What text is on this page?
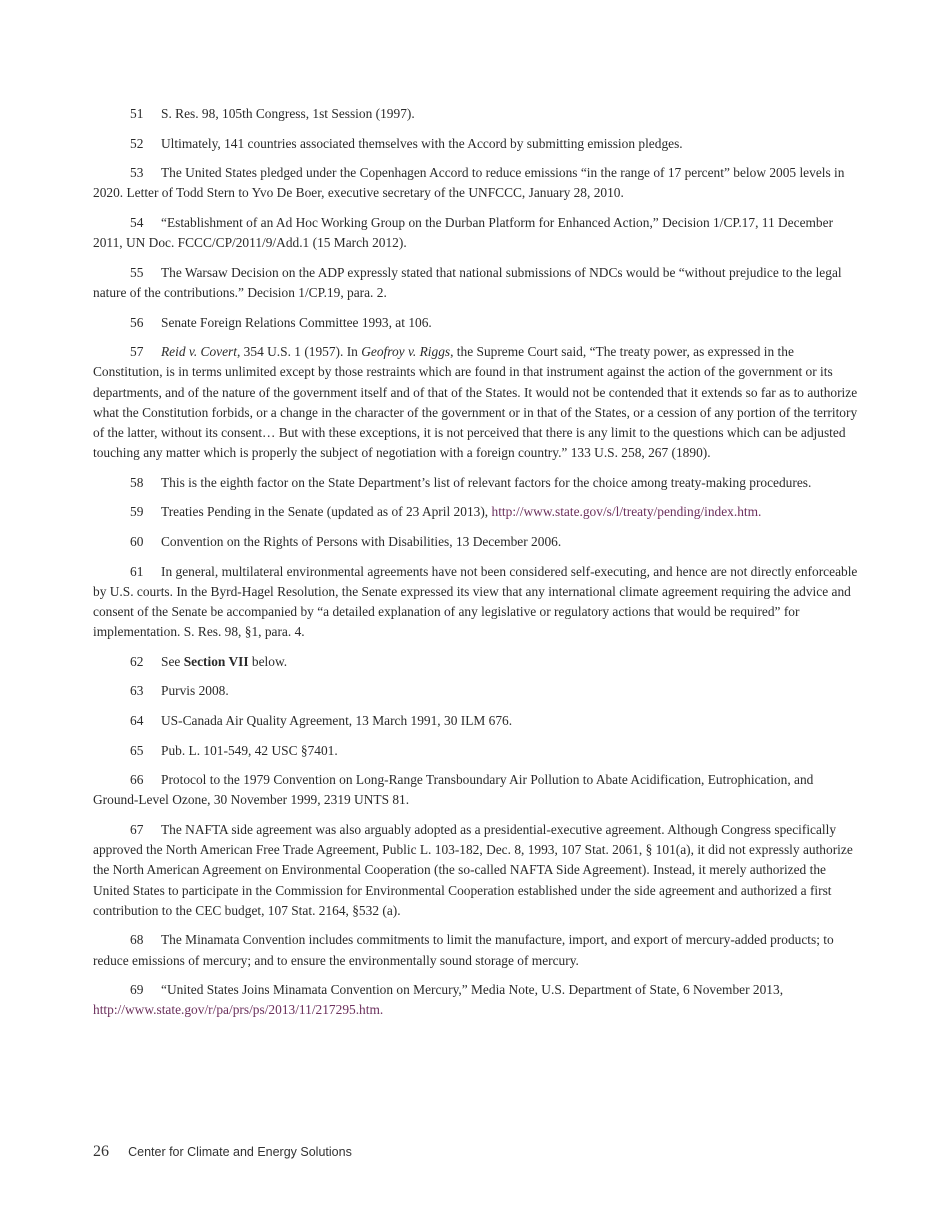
51 S. Res. 98, 105th Congress, 1st Session (1997).

52 Ultimately, 141 countries associated themselves with the Accord by submitting emission pledges.

53 The United States pledged under the Copenhagen Accord to reduce emissions “in the range of 17 percent” below 2005 levels in 2020. Letter of Todd Stern to Yvo De Boer, executive secretary of the UNFCCC, January 28, 2010.

54 “Establishment of an Ad Hoc Working Group on the Durban Platform for Enhanced Action,” Decision 1/CP.17, 11 December 2011, UN Doc. FCCC/CP/2011/9/Add.1 (15 March 2012).

55 The Warsaw Decision on the ADP expressly stated that national submissions of NDCs would be “without prejudice to the legal nature of the contributions.” Decision 1/CP.19, para. 2.

56 Senate Foreign Relations Committee 1993, at 106.

57 Reid v. Covert, 354 U.S. 1 (1957). In Geofroy v. Riggs, the Supreme Court said, “The treaty power, as expressed in the Constitution, is in terms unlimited except by those restraints which are found in that instrument against the action of the government or its departments, and of the nature of the government itself and of that of the States. It would not be contended that it extends so far as to authorize what the Constitution forbids, or a change in the character of the government or in that of the States, or a cession of any portion of the territory of the latter, without its consent… But with these exceptions, it is not perceived that there is any limit to the questions which can be adjusted touching any matter which is properly the subject of negotiation with a foreign country.” 133 U.S. 258, 267 (1890).

58 This is the eighth factor on the State Department’s list of relevant factors for the choice among treaty-making procedures.

59 Treaties Pending in the Senate (updated as of 23 April 2013), http://www.state.gov/s/l/treaty/pending/index.htm.

60 Convention on the Rights of Persons with Disabilities, 13 December 2006.

61 In general, multilateral environmental agreements have not been considered self-executing, and hence are not directly enforceable by U.S. courts. In the Byrd-Hagel Resolution, the Senate expressed its view that any international climate agreement requiring the advice and consent of the Senate be accompanied by “a detailed explanation of any legislative or regulatory actions that would be required” for implementation. S. Res. 98, §1, para. 4.

62 See Section VII below.

63 Purvis 2008.

64 US-Canada Air Quality Agreement, 13 March 1991, 30 ILM 676.

65 Pub. L. 101-549, 42 USC §7401.

66 Protocol to the 1979 Convention on Long-Range Transboundary Air Pollution to Abate Acidification, Eutrophication, and Ground-Level Ozone, 30 November 1999, 2319 UNTS 81.

67 The NAFTA side agreement was also arguably adopted as a presidential-executive agreement. Although Congress specifically approved the North American Free Trade Agreement, Public L. 103-182, Dec. 8, 1993, 107 Stat. 2061, § 101(a), it did not expressly authorize the North American Agreement on Environmental Cooperation (the so-called NAFTA Side Agreement). Instead, it merely authorized the United States to participate in the Commission for Environmental Cooperation established under the side agreement and authorized a first contribution to the CEC budget, 107 Stat. 2164, §532 (a).

68 The Minamata Convention includes commitments to limit the manufacture, import, and export of mercury-added products; to reduce emissions of mercury; and to ensure the environmentally sound storage of mercury.

69 “United States Joins Minamata Convention on Mercury,” Media Note, U.S. Department of State, 6 November 2013, http://www.state.gov/r/pa/prs/ps/2013/11/217295.htm.

26 Center for Climate and Energy Solutions
